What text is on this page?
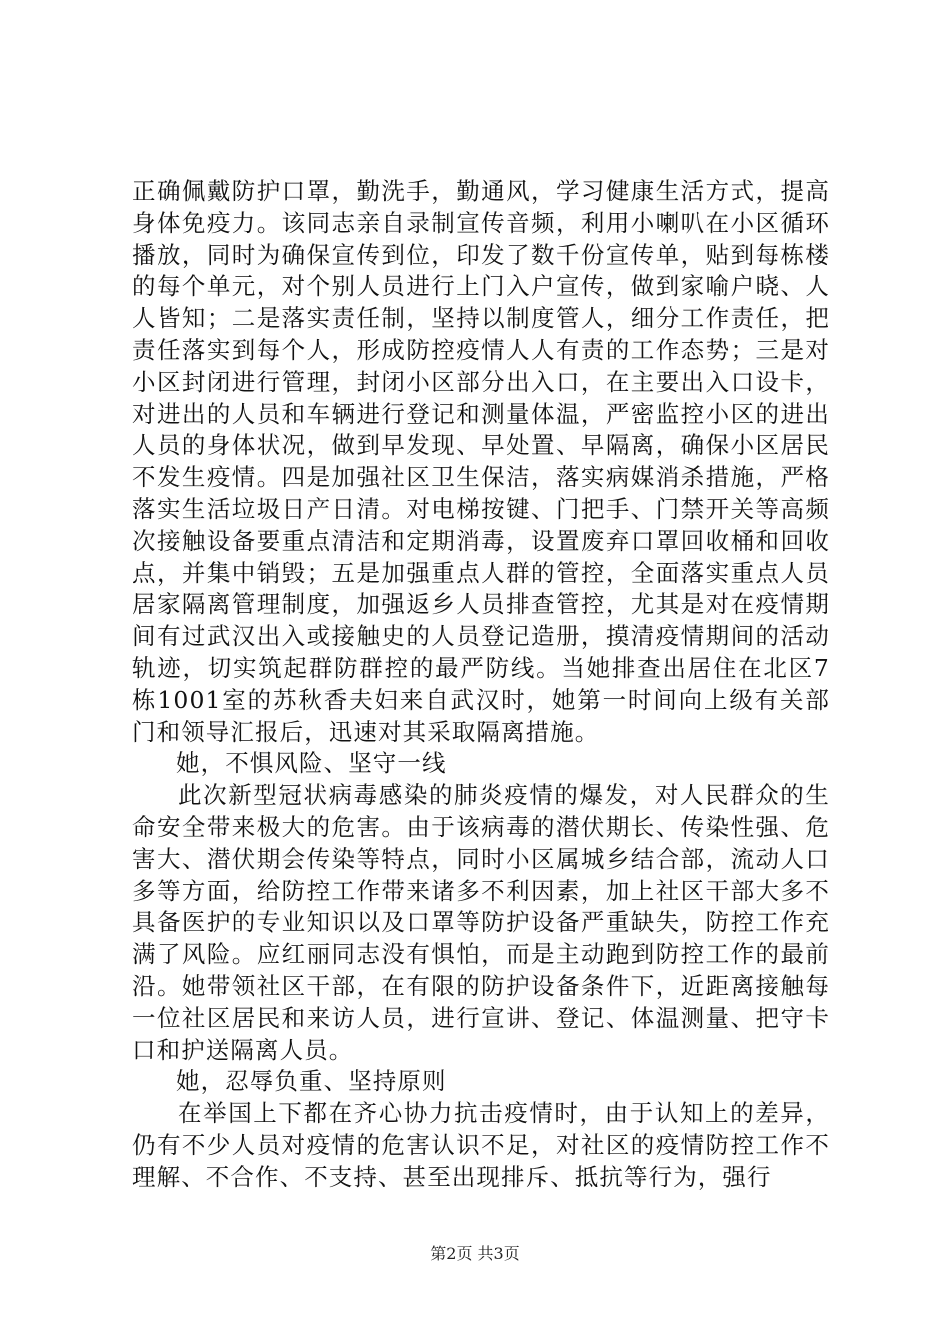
正确佩戴防护口罩，勤洗手，勤通风，学习健康生活方式，提高身体免疫力。该同志亲自录制宣传音频，利用小喇叭在小区循环播放，同时为确保宣传到位，印发了数千份宣传单，贴到每栋楼的每个单元，对个别人员进行上门入户宣传，做到家喻户晓、人人皆知；二是落实责任制，坚持以制度管人，细分工作责任，把责任落实到每个人，形成防控疫情人人有责的工作态势；三是对小区封闭进行管理，封闭小区部分出入口，在主要出入口设卡，对进出的人员和车辆进行登记和测量体温，严密监控小区的进出人员的身体状况，做到早发现、早处置、早隔离，确保小区居民不发生疫情。四是加强社区卫生保洁，落实病媒消杀措施，严格落实生活垃圾日产日清。对电梯按键、门把手、门禁开关等高频次接触设备要重点清洁和定期消毒，设置废弃口罩回收桶和回收点，并集中销毁；五是加强重点人群的管控，全面落实重点人员居家隔离管理制度，加强返乡人员排查管控，尤其是对在疫情期间有过武汉出入或接触史的人员登记造册，摸清疫情期间的活动轨迹，切实筑起群防群控的最严防线。当她排查出居住在北区7栋1001室的苏秋香夫妇来自武汉时，她第一时间向上级有关部门和领导汇报后，迅速对其采取隔离措施。

她，不惧风险、坚守一线

此次新型冠状病毒感染的肺炎疫情的爆发，对人民群众的生命安全带来极大的危害。由于该病毒的潜伏期长、传染性强、危害大、潜伏期会传染等特点，同时小区属城乡结合部，流动人口多等方面，给防控工作带来诸多不利因素，加上社区干部大多不具备医护的专业知识以及口罩等防护设备严重缺失，防控工作充满了风险。应红丽同志没有惧怕，而是主动跑到防控工作的最前沿。她带领社区干部，在有限的防护设备条件下，近距离接触每一位社区居民和来访人员，进行宣讲、登记、体温测量、把守卡口和护送隔离人员。

她，忍辱负重、坚持原则

在举国上下都在齐心协力抗击疫情时，由于认知上的差异，仍有不少人员对疫情的危害认识不足，对社区的疫情防控工作不理解、不合作、不支持、甚至出现排斥、抵抗等行为，强行

第2页 共3页
